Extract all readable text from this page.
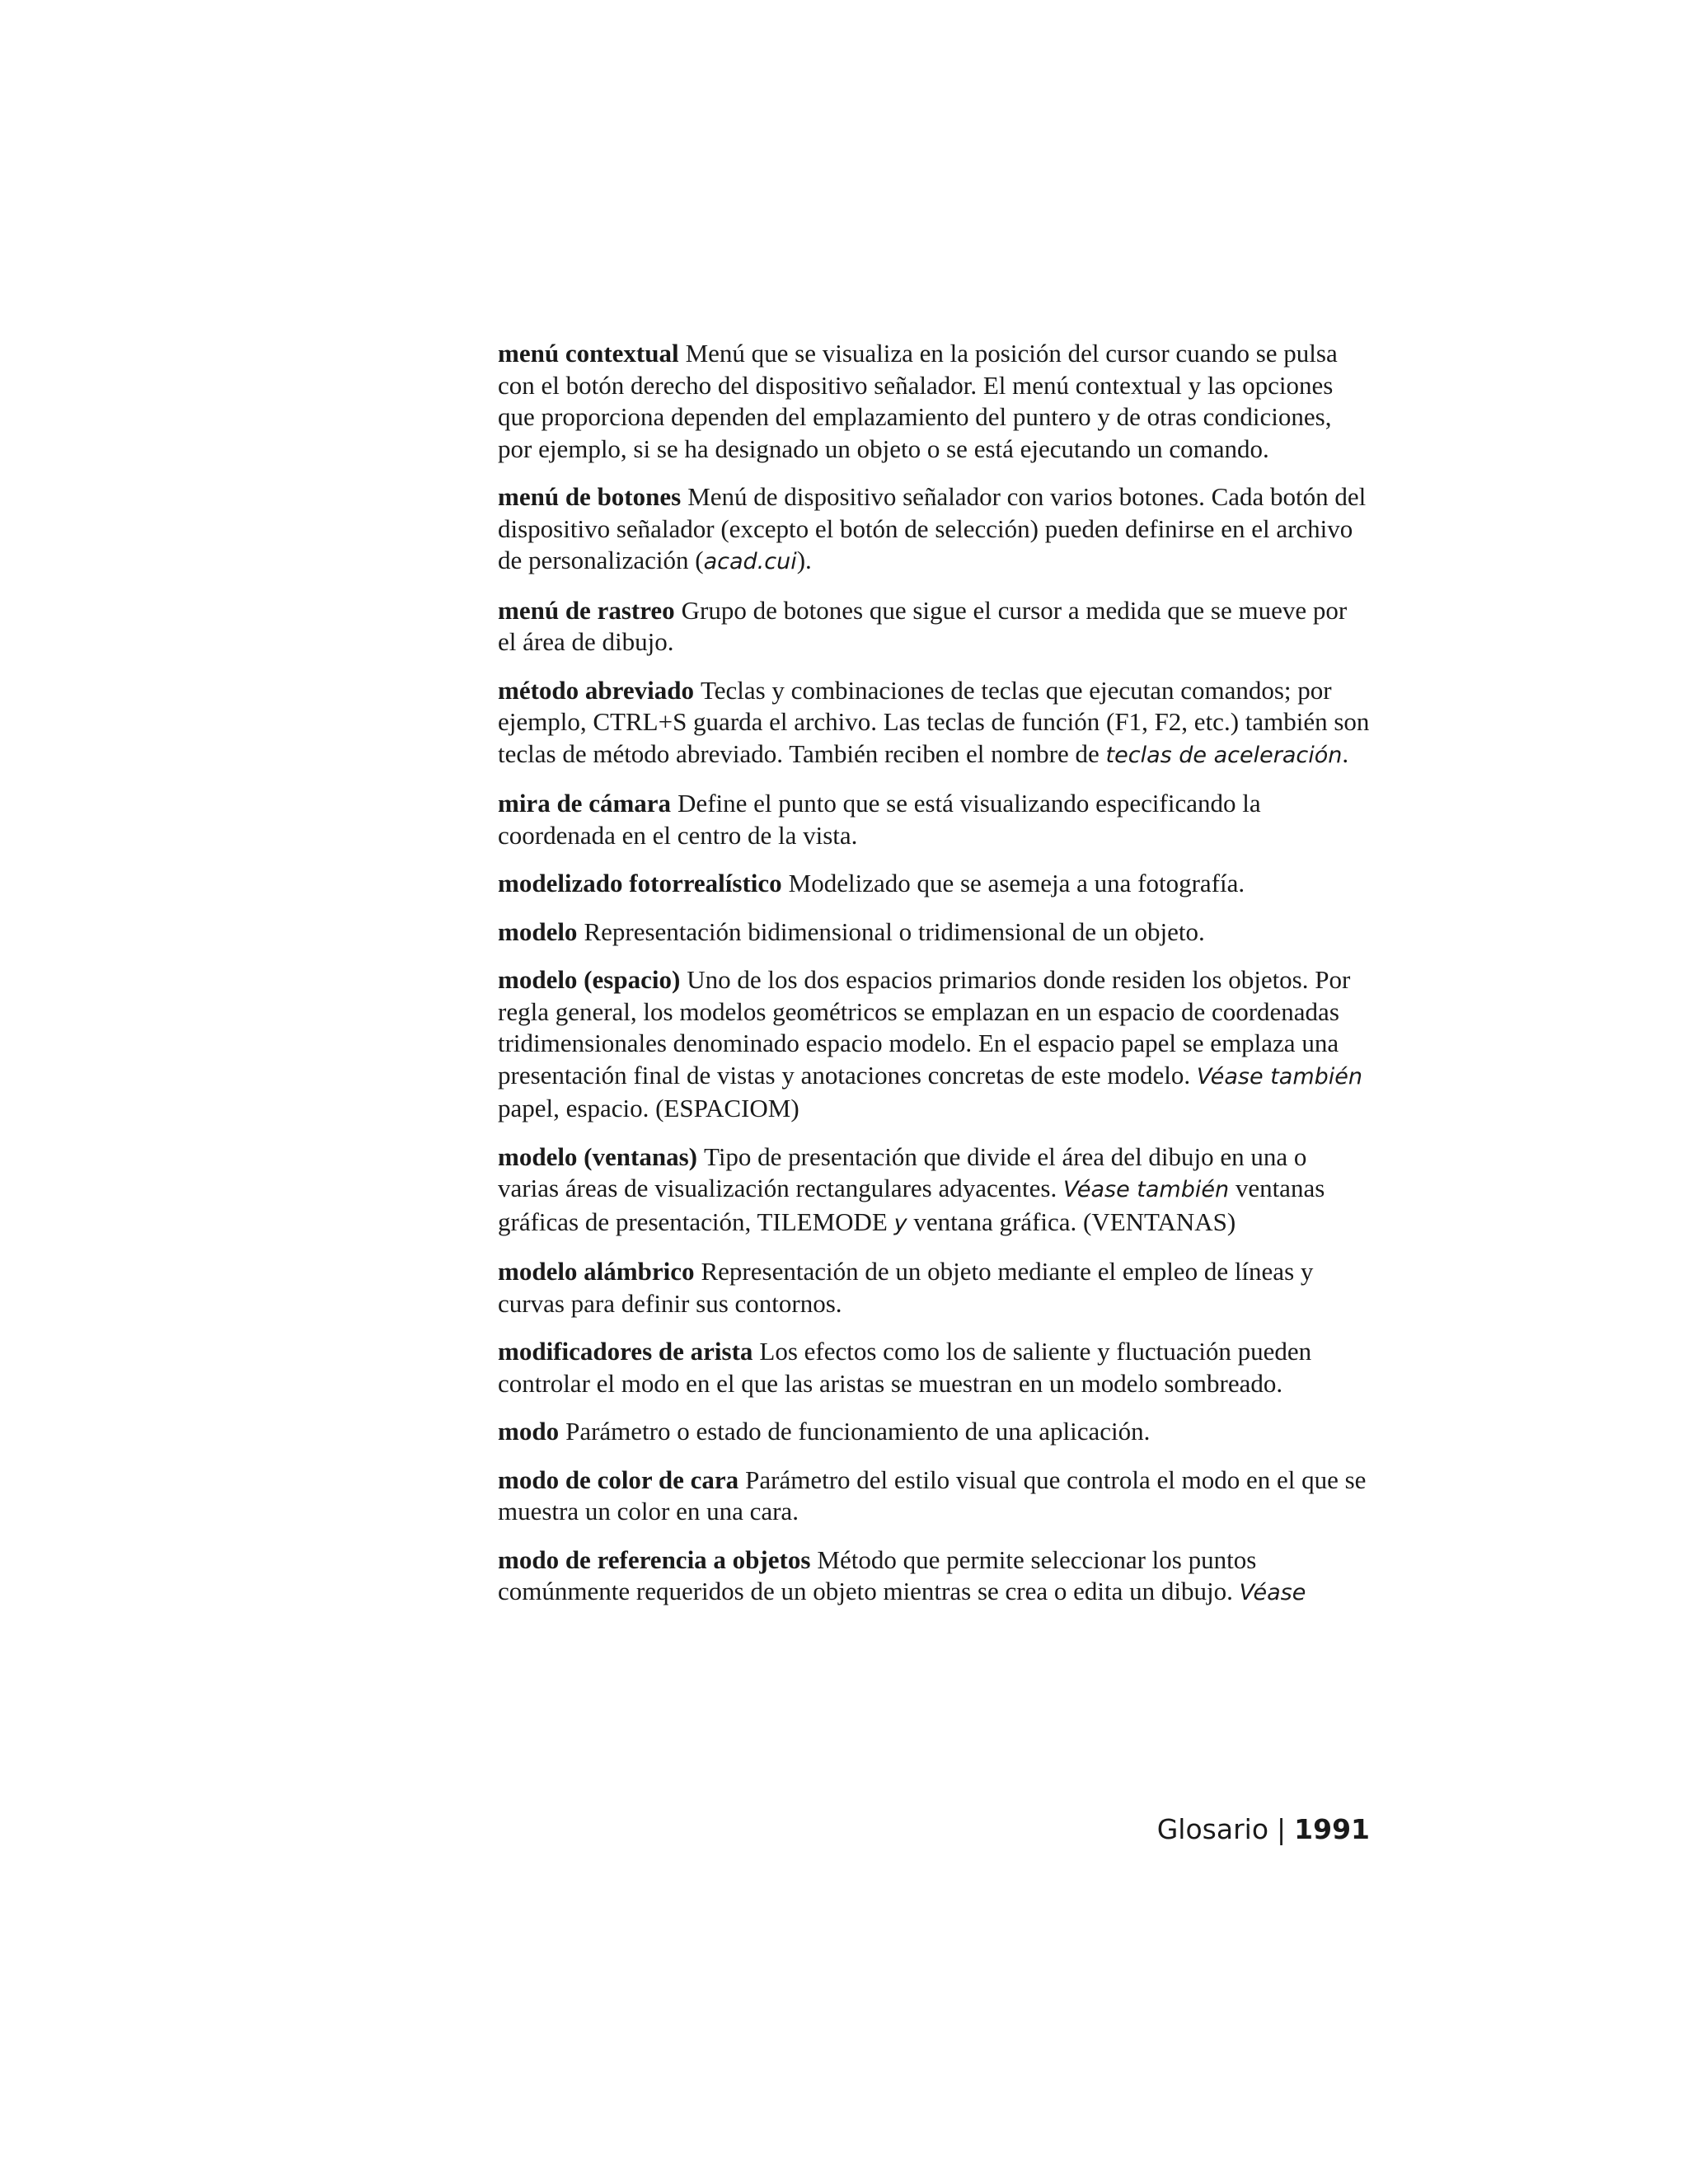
menú contextual Menú que se visualiza en la posición del cursor cuando se pulsa con el botón derecho del dispositivo señalador. El menú contextual y las opciones que proporciona dependen del emplazamiento del puntero y de otras condiciones, por ejemplo, si se ha designado un objeto o se está ejecutando un comando.

menú de botones Menú de dispositivo señalador con varios botones. Cada botón del dispositivo señalador (excepto el botón de selección) pueden definirse en el archivo de personalización (acad.cui).

menú de rastreo Grupo de botones que sigue el cursor a medida que se mueve por el área de dibujo.

método abreviado Teclas y combinaciones de teclas que ejecutan comandos; por ejemplo, CTRL+S guarda el archivo. Las teclas de función (F1, F2, etc.) también son teclas de método abreviado. También reciben el nombre de teclas de aceleración.

mira de cámara Define el punto que se está visualizando especificando la coordenada en el centro de la vista.

modelizado fotorrealístico Modelizado que se asemeja a una fotografía.

modelo Representación bidimensional o tridimensional de un objeto.

modelo (espacio) Uno de los dos espacios primarios donde residen los objetos. Por regla general, los modelos geométricos se emplazan en un espacio de coordenadas tridimensionales denominado espacio modelo. En el espacio papel se emplaza una presentación final de vistas y anotaciones concretas de este modelo. Véase también papel, espacio. (ESPACIOM)

modelo (ventanas) Tipo de presentación que divide el área del dibujo en una o varias áreas de visualización rectangulares adyacentes. Véase también ventanas gráficas de presentación, TILEMODE y ventana gráfica. (VENTANAS)

modelo alámbrico Representación de un objeto mediante el empleo de líneas y curvas para definir sus contornos.

modificadores de arista Los efectos como los de saliente y fluctuación pueden controlar el modo en el que las aristas se muestran en un modelo sombreado.

modo Parámetro o estado de funcionamiento de una aplicación.

modo de color de cara Parámetro del estilo visual que controla el modo en el que se muestra un color en una cara.

modo de referencia a objetos Método que permite seleccionar los puntos comúnmente requeridos de un objeto mientras se crea o edita un dibujo. Véase

Glosario | 1991
